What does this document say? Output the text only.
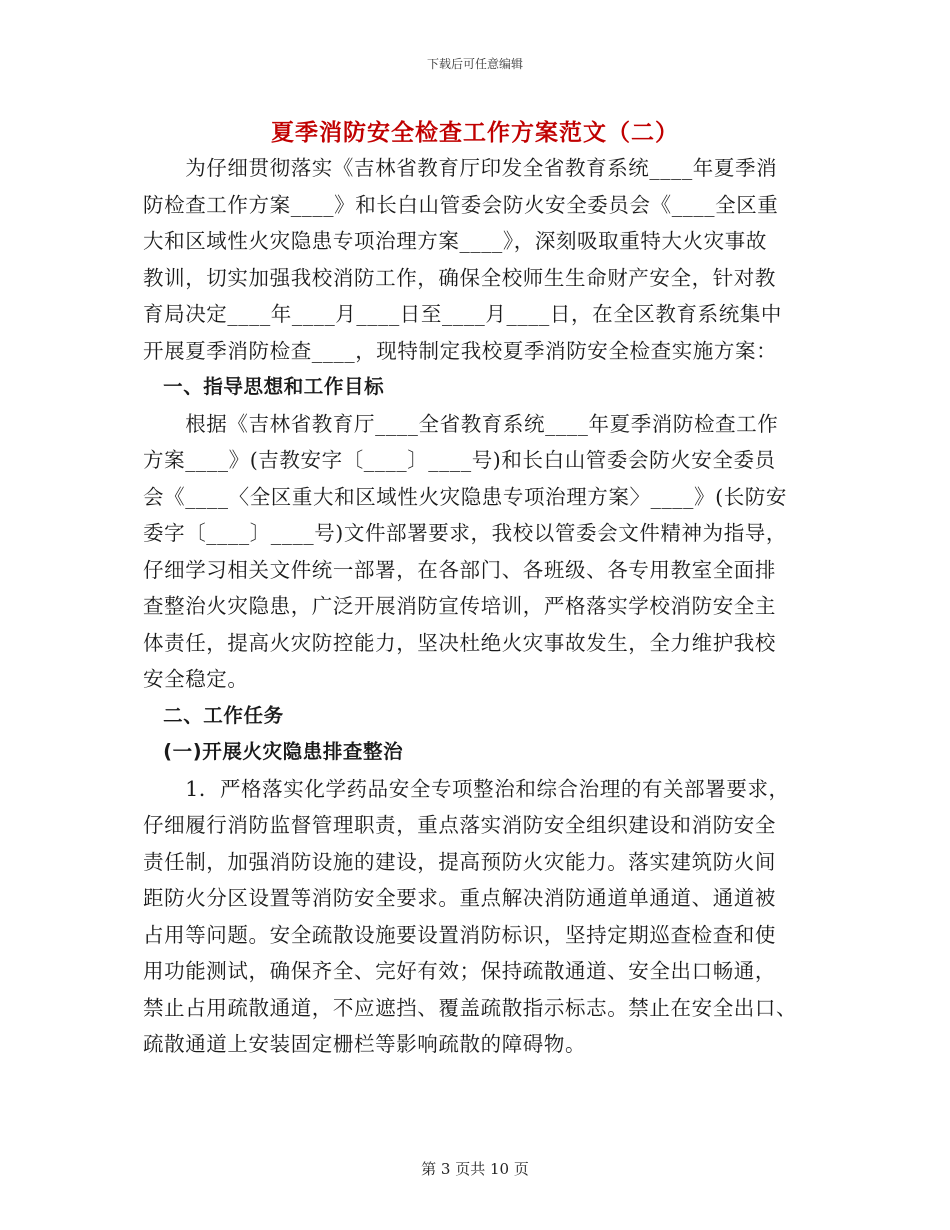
下载后可任意编辑
夏季消防安全检查工作方案范文（二）
　　为仔细贯彻落实《吉林省教育厅印发全省教育系统____年夏季消
防检查工作方案____》和长白山管委会防火安全委员会《____全区重
大和区域性火灾隐患专项治理方案____》，深刻吸取重特大火灾事故
教训，切实加强我校消防工作，确保全校师生生命财产安全，针对教
育局决定____年____月____日至____月____日，在全区教育系统集中
开展夏季消防检查____，现特制定我校夏季消防安全检查实施方案：
　一、指导思想和工作目标
　　根据《吉林省教育厅____全省教育系统____年夏季消防检查工作
方案____》(吉教安字〔____〕____号)和长白山管委会防火安全委员
会《____〈全区重大和区域性火灾隐患专项治理方案〉____》(长防安
委字〔____〕____号)文件部署要求，我校以管委会文件精神为指导，
仔细学习相关文件统一部署，在各部门、各班级、各专用教室全面排
查整治火灾隐患，广泛开展消防宣传培训，严格落实学校消防安全主
体责任，提高火灾防控能力，坚决杜绝火灾事故发生，全力维护我校
安全稳定。
　二、工作任务
　(一)开展火灾隐患排查整治
　　1．严格落实化学药品安全专项整治和综合治理的有关部署要求，
仔细履行消防监督管理职责，重点落实消防安全组织建设和消防安全
责任制，加强消防设施的建设，提高预防火灾能力。落实建筑防火间
距防火分区设置等消防安全要求。重点解决消防通道单通道、通道被
占用等问题。安全疏散设施要设置消防标识，坚持定期巡查检查和使
用功能测试，确保齐全、完好有效；保持疏散通道、安全出口畅通，
禁止占用疏散通道，不应遮挡、覆盖疏散指示标志。禁止在安全出口、
疏散通道上安装固定栅栏等影响疏散的障碍物。
第 3 页共 10 页
